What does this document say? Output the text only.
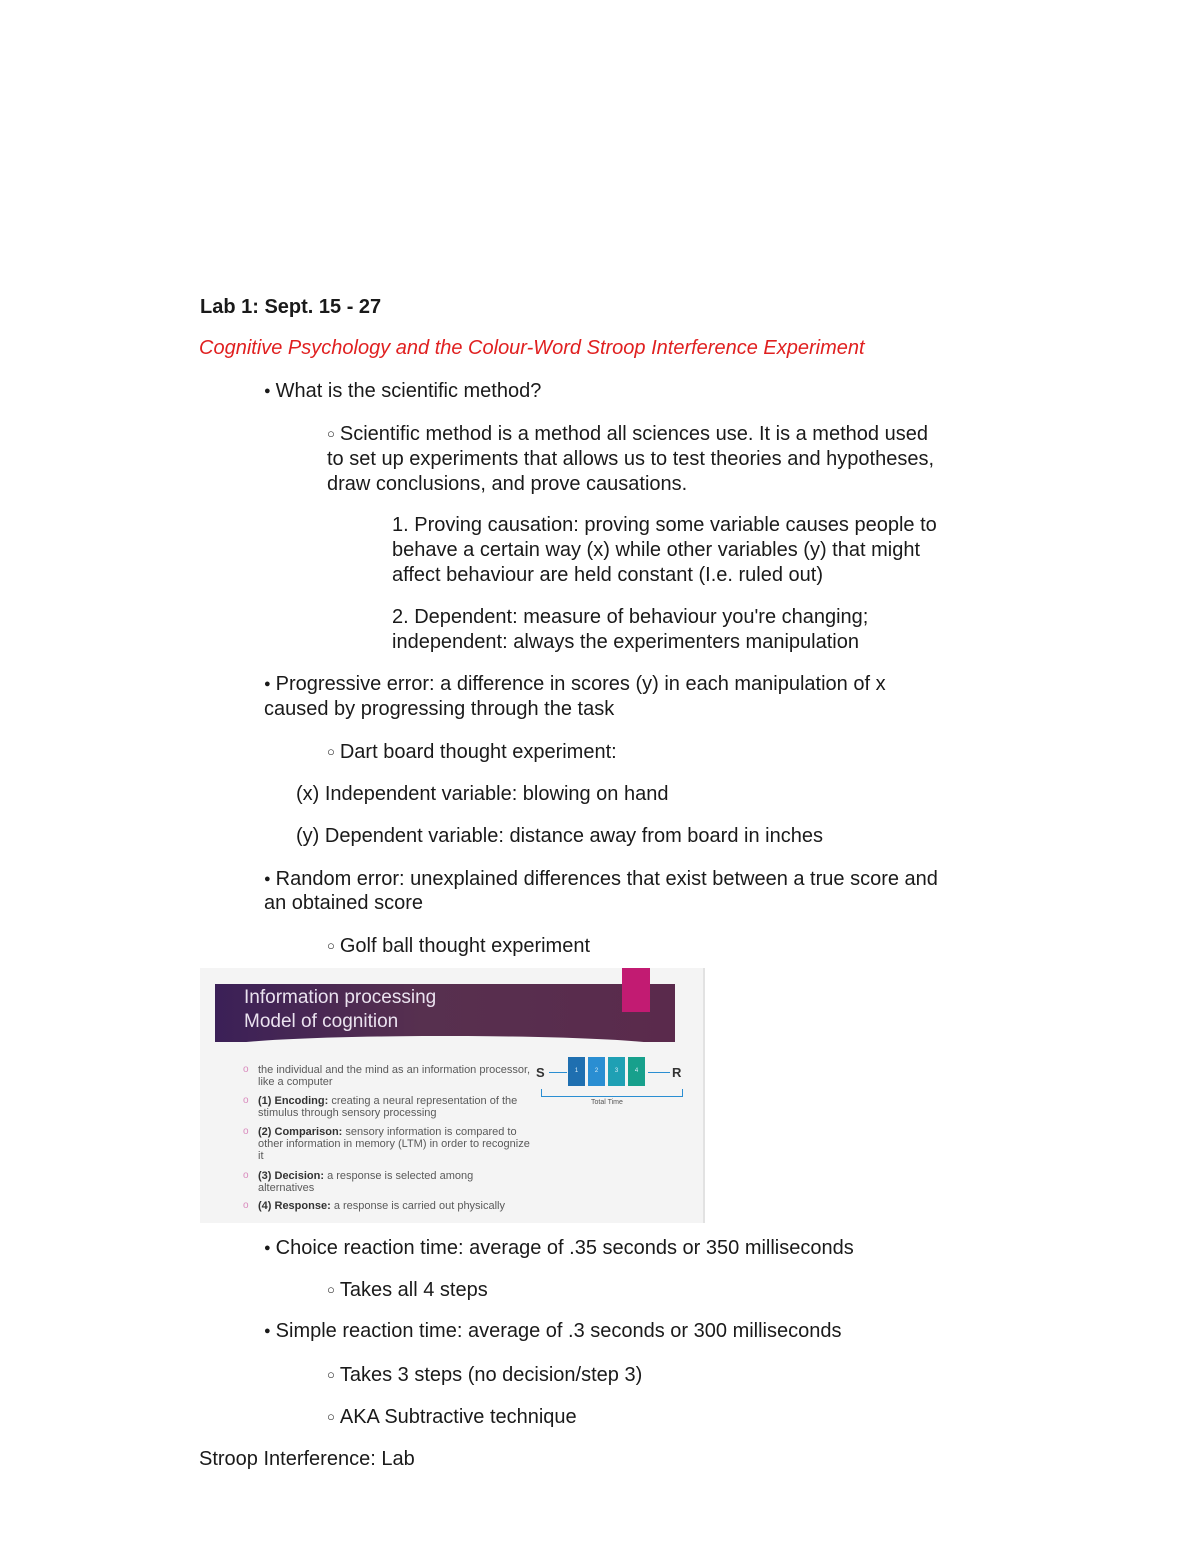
Lab 1: Sept. 15 - 27
Cognitive Psychology and the Colour-Word Stroop Interference Experiment
● What is the scientific method?
○ Scientific method is a method all sciences use. It is a method used
to set up experiments that allows us to test theories and hypotheses,
draw conclusions, and prove causations.
1. Proving causation: proving some variable causes people to
behave a certain way (x) while other variables (y) that might
affect behaviour are held constant (I.e. ruled out)
2. Dependent: measure of behaviour you're changing;
independent: always the experimenters manipulation
● Progressive error: a difference in scores (y) in each manipulation of x
caused by progressing through the task
○ Dart board thought experiment:
(x) Independent variable: blowing on hand
(y) Dependent variable: distance away from board in inches
● Random error: unexplained differences that exist between a true score and
an obtained score
○ Golf ball thought experiment
Information processing
Model of cognition
o the individual and the mind as an information processor, like a computer
o (1) Encoding: creating a neural representation of the stimulus through sensory processing
o (2) Comparison: sensory information is compared to other information in memory (LTM) in order to recognize it
o (3) Decision: a response is selected among alternatives
o (4) Response: a response is carried out physically
S	1	2	3	4	R
Total Time
● Choice reaction time: average of .35 seconds or 350 milliseconds
○ Takes all 4 steps
● Simple reaction time: average of .3 seconds or 300 milliseconds
○ Takes 3 steps (no decision/step 3)
○ AKA Subtractive technique
Stroop Interference: Lab
